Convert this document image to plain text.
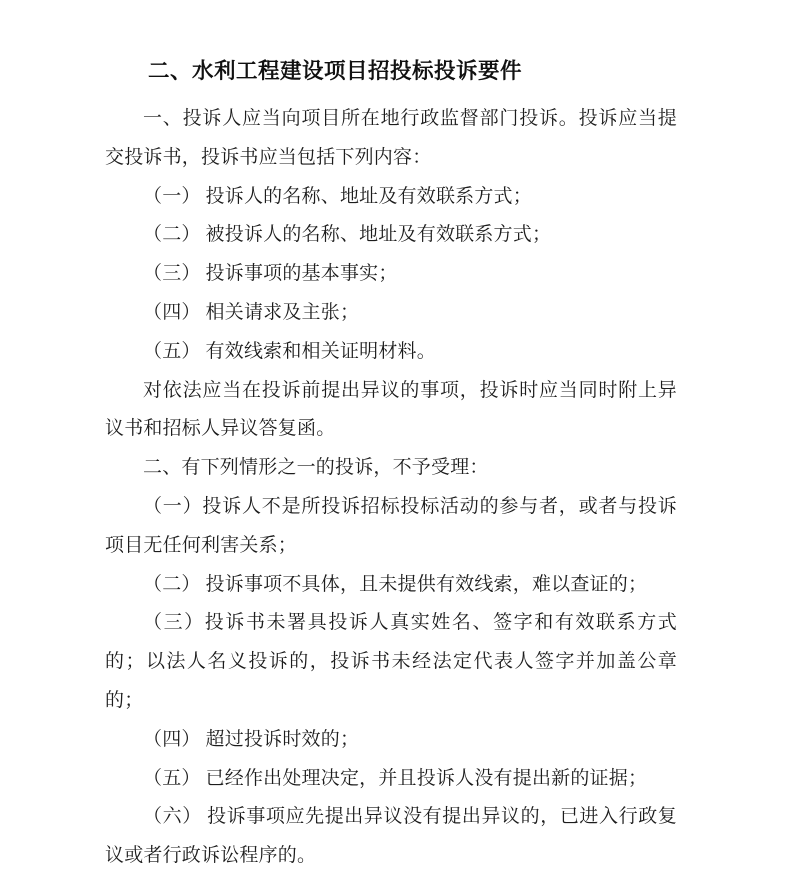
二、水利工程建设项目招投标投诉要件

一、投诉人应当向项目所在地行政监督部门投诉。投诉应当提交投诉书，投诉书应当包括下列内容：

（一） 投诉人的名称、地址及有效联系方式；

（二） 被投诉人的名称、地址及有效联系方式；

（三） 投诉事项的基本事实；

（四） 相关请求及主张；

（五） 有效线索和相关证明材料。

对依法应当在投诉前提出异议的事项，投诉时应当同时附上异议书和招标人异议答复函。

二、有下列情形之一的投诉，不予受理：

（一）投诉人不是所投诉招标投标活动的参与者，或者与投诉项目无任何利害关系；

（二） 投诉事项不具体，且未提供有效线索，难以查证的；

（三）投诉书未署具投诉人真实姓名、签字和有效联系方式的；以法人名义投诉的，投诉书未经法定代表人签字并加盖公章的；

（四） 超过投诉时效的；

（五） 已经作出处理决定，并且投诉人没有提出新的证据；

（六） 投诉事项应先提出异议没有提出异议的，已进入行政复议或者行政诉讼程序的。
